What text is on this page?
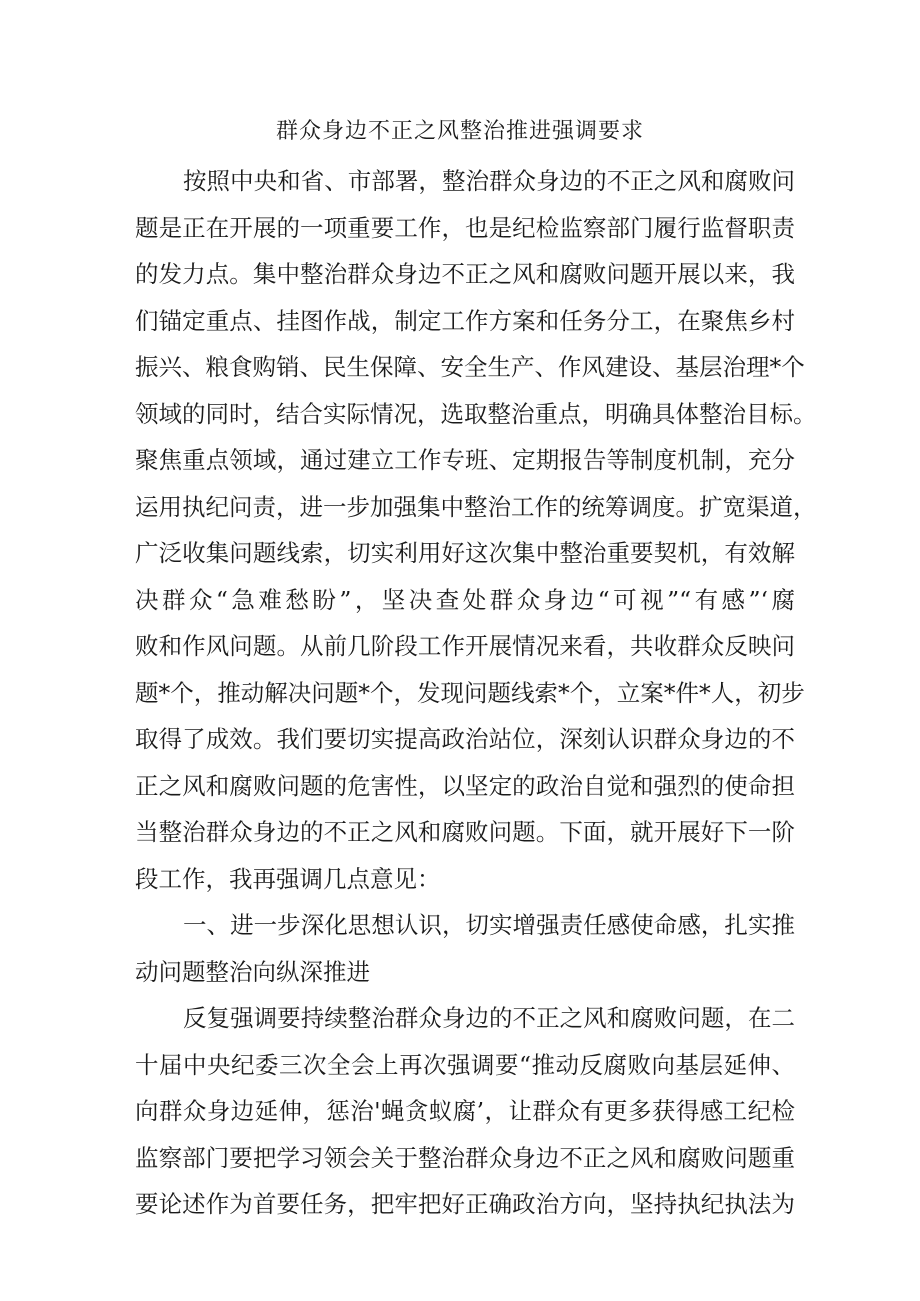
群众身边不正之风整治推进强调要求
按照中央和省、市部署，整治群众身边的不正之风和腐败问
题是正在开展的一项重要工作，也是纪检监察部门履行监督职责
的发力点。集中整治群众身边不正之风和腐败问题开展以来，我
们锚定重点、挂图作战，制定工作方案和任务分工，在聚焦乡村
振兴、粮食购销、民生保障、安全生产、作风建设、基层治理*个
领域的同时，结合实际情况，选取整治重点，明确具体整治目标。
聚焦重点领域，通过建立工作专班、定期报告等制度机制，充分
运用执纪问责，进一步加强集中整治工作的统筹调度。扩宽渠道，
广泛收集问题线索，切实利用好这次集中整治重要契机，有效解
决群众“急难愁盼”，坚决查处群众身边“可视”“有感”‘腐
败和作风问题。从前几阶段工作开展情况来看，共收群众反映问
题*个，推动解决问题*个，发现问题线索*个，立案*件*人，初步
取得了成效。我们要切实提高政治站位，深刻认识群众身边的不
正之风和腐败问题的危害性，以坚定的政治自觉和强烈的使命担
当整治群众身边的不正之风和腐败问题。下面，就开展好下一阶
段工作，我再强调几点意见：
一、进一步深化思想认识，切实增强责任感使命感，扎实推
动问题整治向纵深推进
反复强调要持续整治群众身边的不正之风和腐败问题，在二
十届中央纪委三次全会上再次强调要“推动反腐败向基层延伸、
向群众身边延伸，惩治'蝇贪蚁腐’，让群众有更多获得感工纪检
监察部门要把学习领会关于整治群众身边不正之风和腐败问题重
要论述作为首要任务，把牢把好正确政治方向，坚持执纪执法为
